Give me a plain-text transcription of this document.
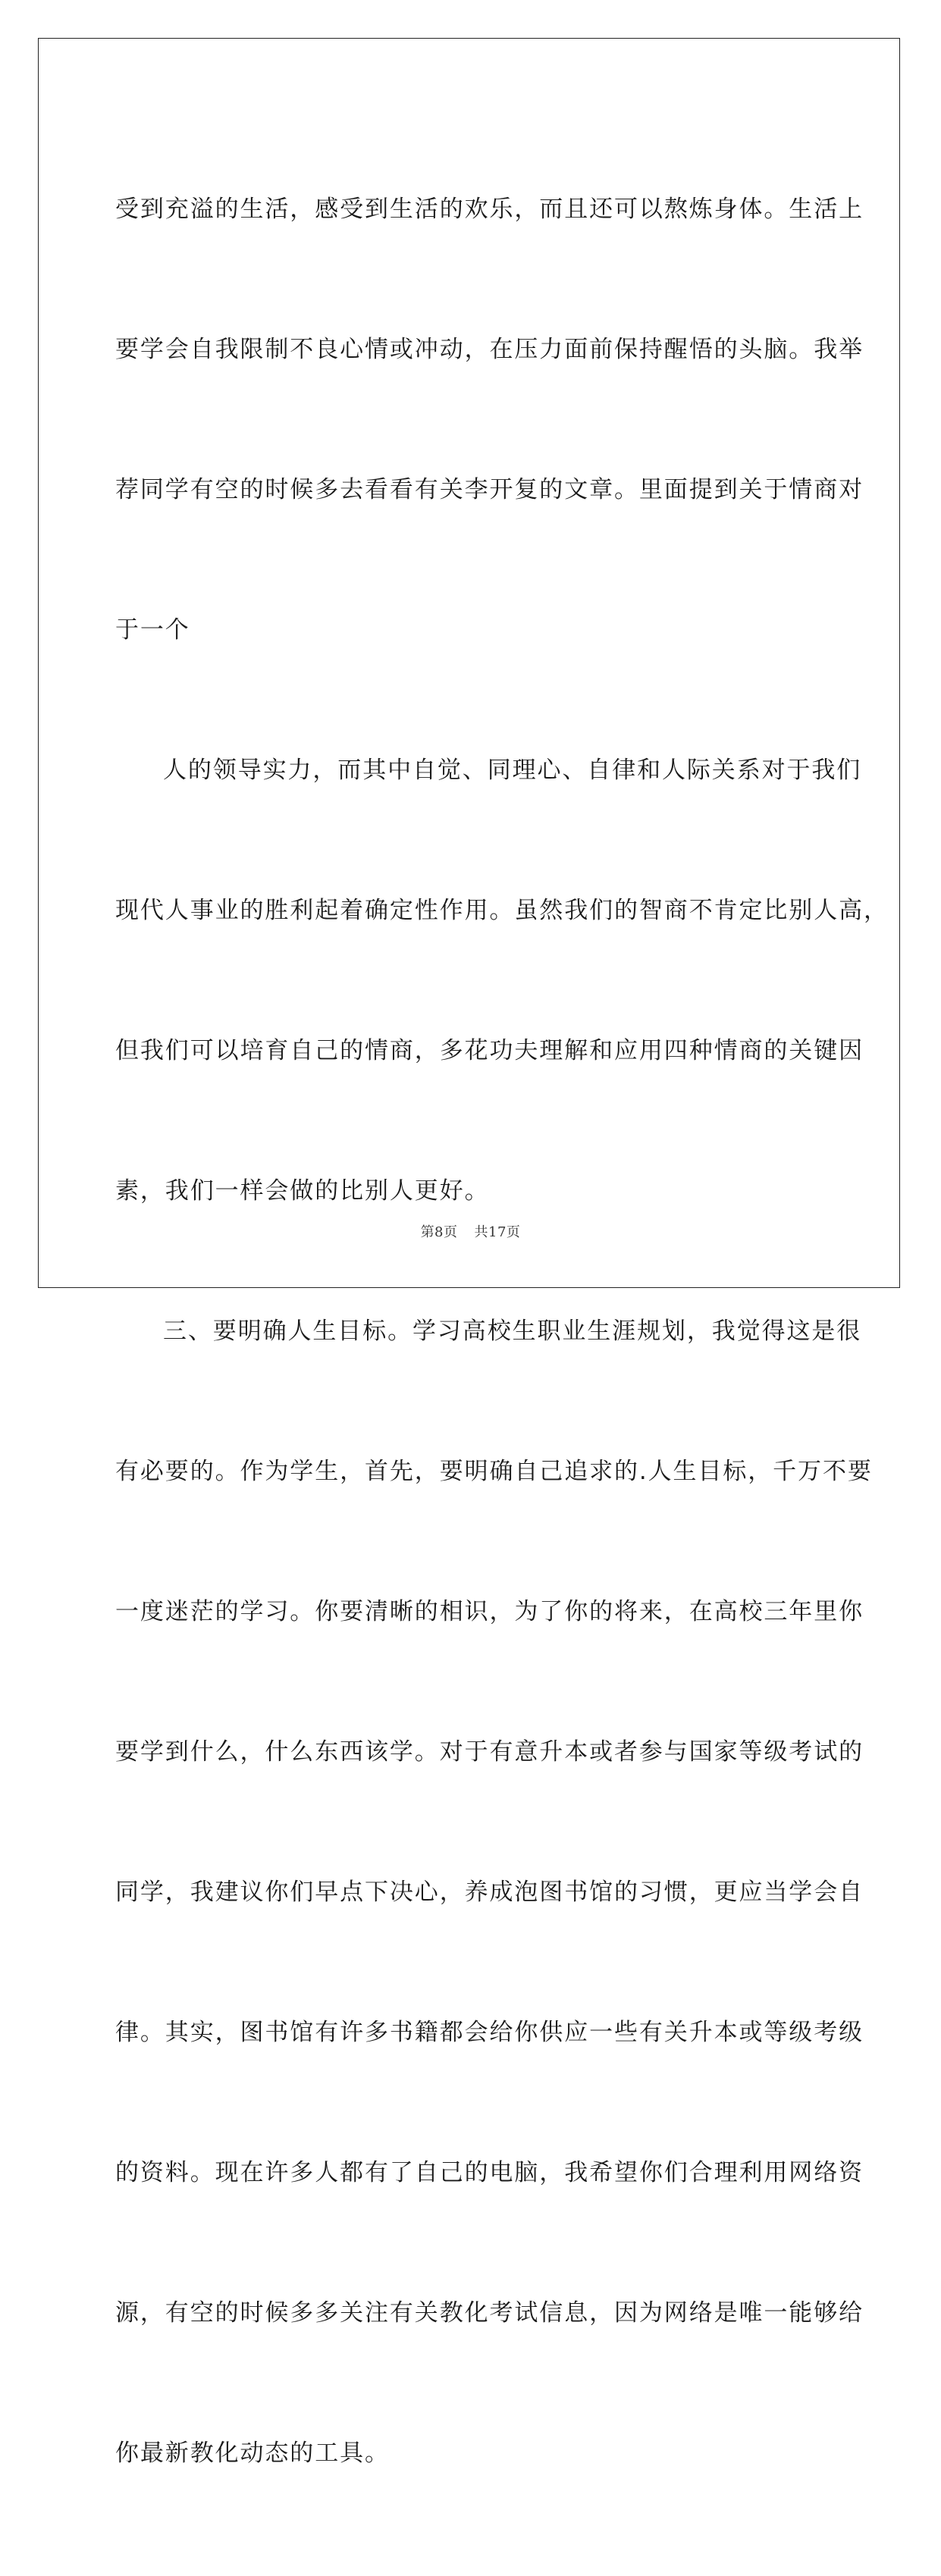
受到充溢的生活，感受到生活的欢乐，而且还可以熬炼身体。生活上

要学会自我限制不良心情或冲动，在压力面前保持醒悟的头脑。我举

荐同学有空的时候多去看看有关李开复的文章。里面提到关于情商对

于一个

人的领导实力，而其中自觉、同理心、自律和人际关系对于我们

现代人事业的胜利起着确定性作用。虽然我们的智商不肯定比别人高，

但我们可以培育自己的情商，多花功夫理解和应用四种情商的关键因

素，我们一样会做的比别人更好。

三、要明确人生目标。学习高校生职业生涯规划，我觉得这是很

有必要的。作为学生，首先，要明确自己追求的.人生目标，千万不要

一度迷茫的学习。你要清晰的相识，为了你的将来，在高校三年里你

要学到什么，什么东西该学。对于有意升本或者参与国家等级考试的

同学，我建议你们早点下决心，养成泡图书馆的习惯，更应当学会自

律。其实，图书馆有许多书籍都会给你供应一些有关升本或等级考级

的资料。现在许多人都有了自己的电脑，我希望你们合理利用网络资

源，有空的时候多多关注有关教化考试信息，因为网络是唯一能够给

你最新教化动态的工具。

第8页 共17页
